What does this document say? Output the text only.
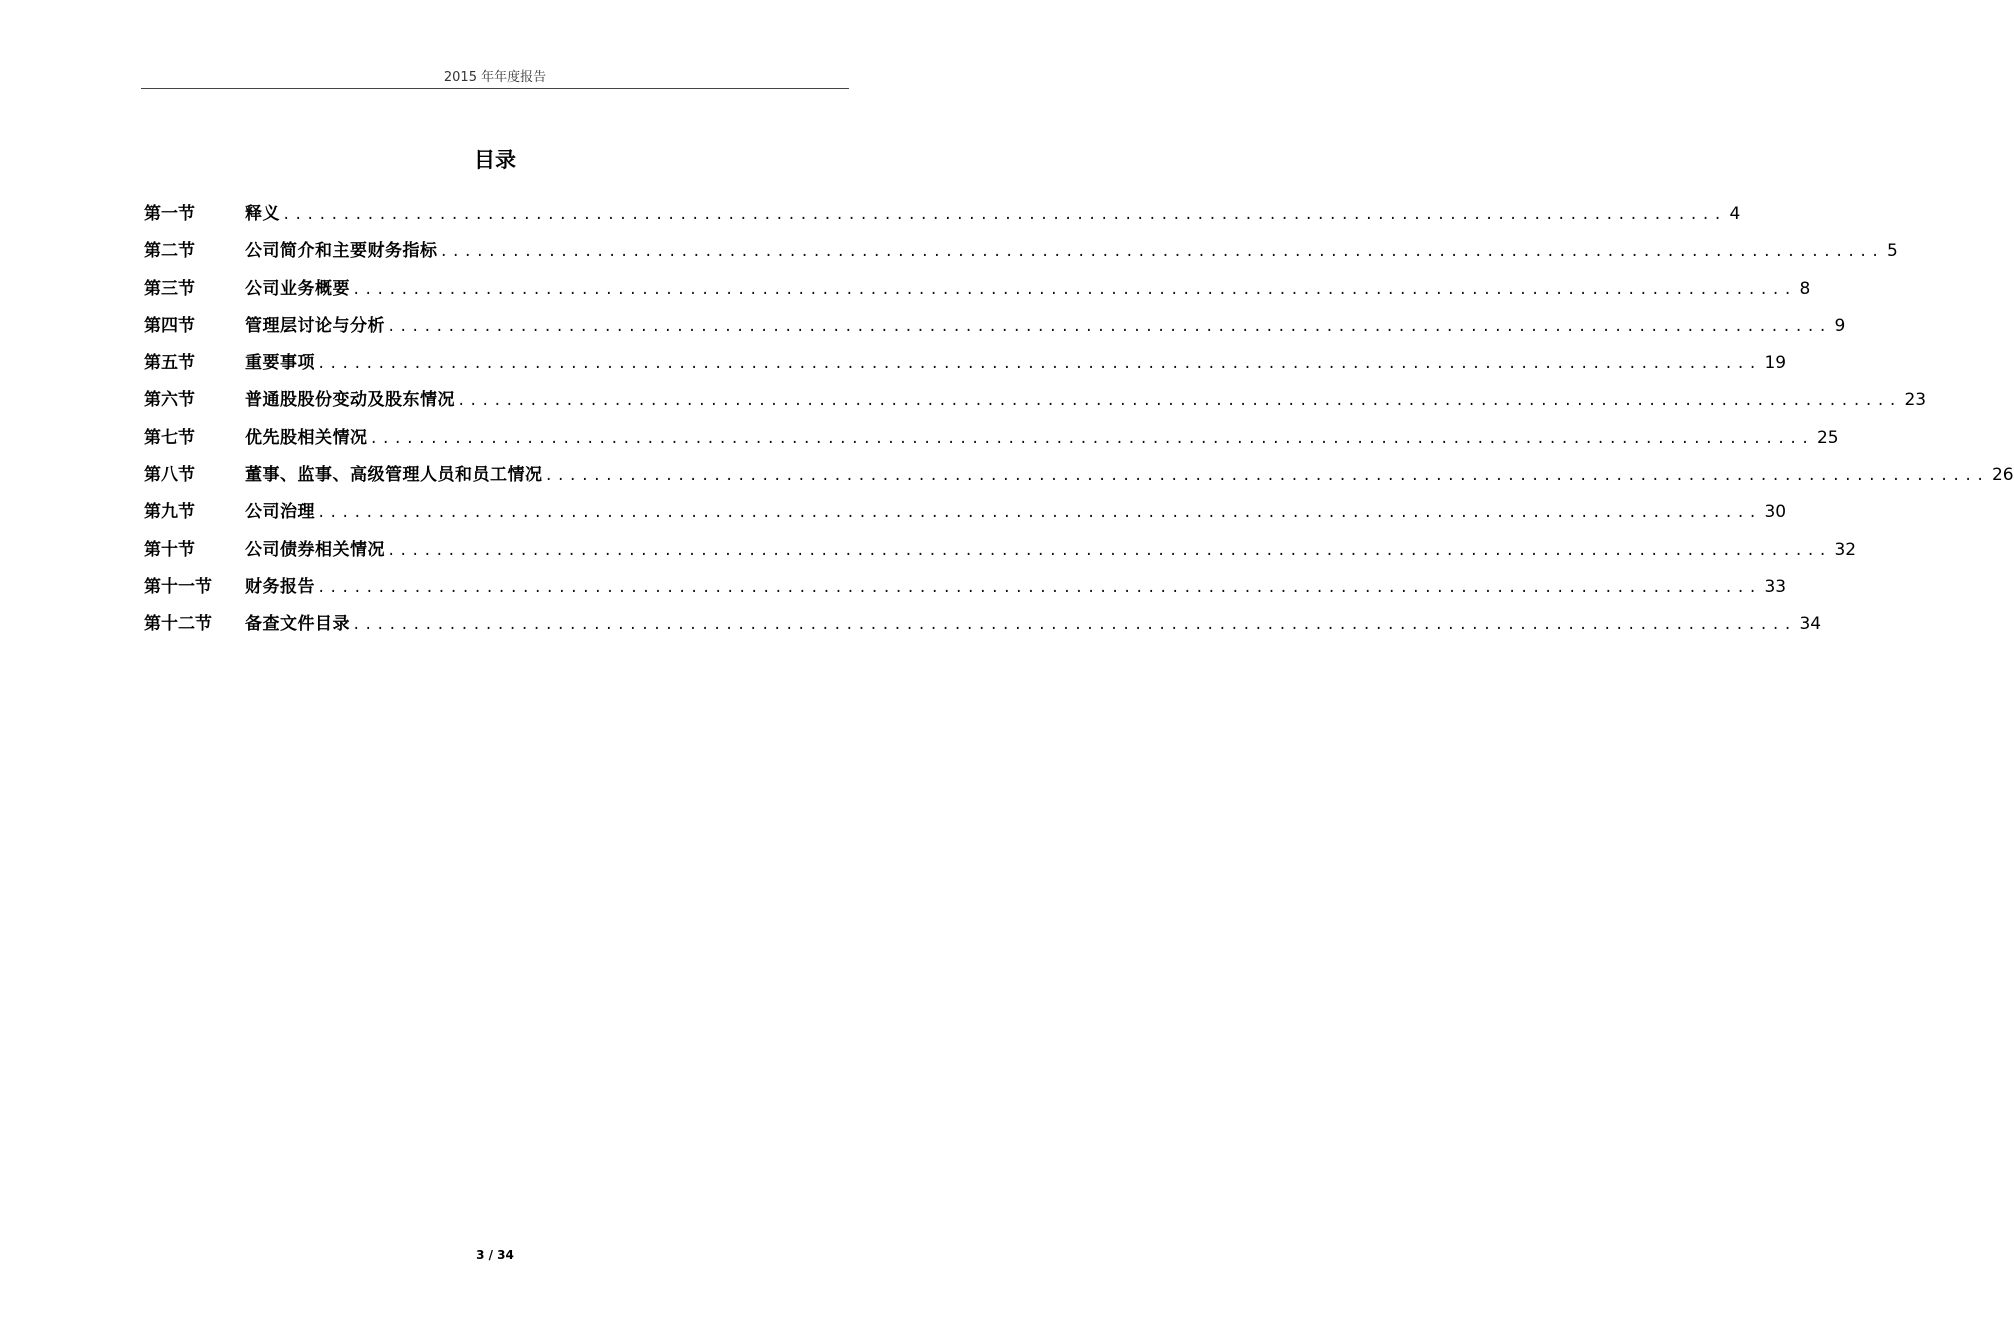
2015 年年度报告
目录
第一节	释义 ........................................................................................................................ 4
第二节	公司简介和主要财务指标 ........................................................................................................................ 5
第三节	公司业务概要 ........................................................................................................................ 8
第四节	管理层讨论与分析 ........................................................................................................................ 9
第五节	重要事项 ........................................................................................................................ 19
第六节	普通股股份变动及股东情况 ........................................................................................................................ 23
第七节	优先股相关情况 ........................................................................................................................ 25
第八节	董事、监事、高级管理人员和员工情况 ........................................................................................................................ 26
第九节	公司治理 ........................................................................................................................ 30
第十节	公司债券相关情况 ........................................................................................................................ 32
第十一节	财务报告 ........................................................................................................................ 33
第十二节	备查文件目录 ........................................................................................................................ 34
3 / 34
